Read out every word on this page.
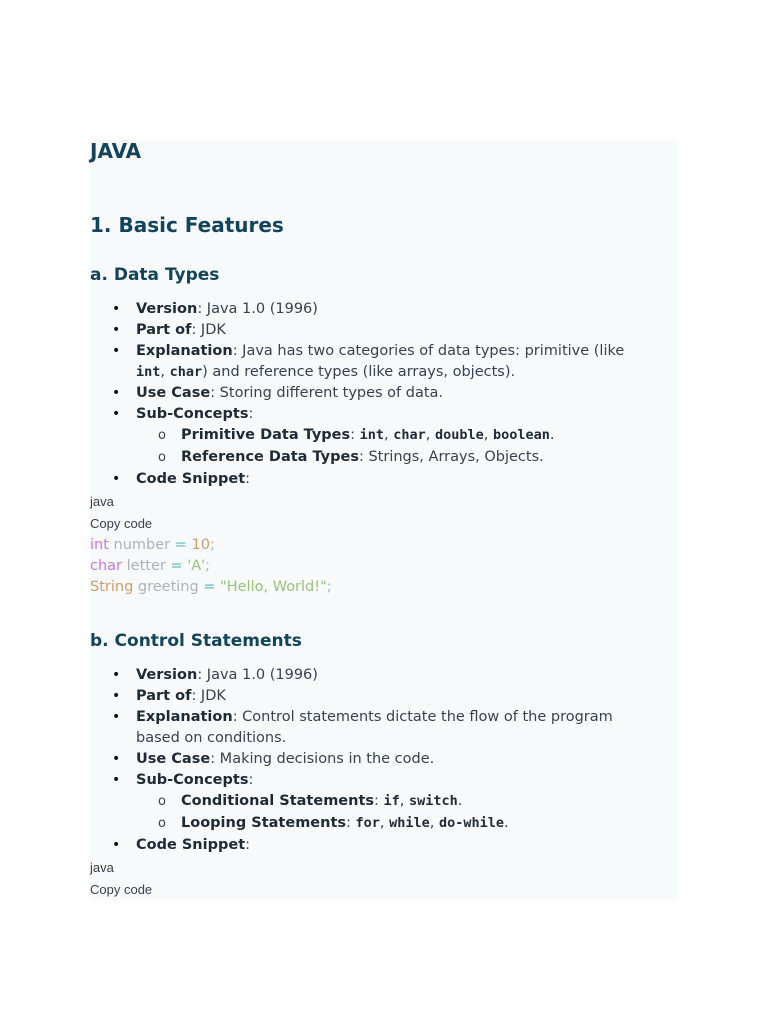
JAVA
1. Basic Features
a. Data Types
• Version: Java 1.0 (1996)
• Part of: JDK
• Explanation: Java has two categories of data types: primitive (like
int, char) and reference types (like arrays, objects).
• Use Case: Storing different types of data.
• Sub-Concepts:
o Primitive Data Types: int, char, double, boolean.
o Reference Data Types: Strings, Arrays, Objects.
• Code Snippet:
java
Copy code
int number = 10;
char letter = 'A';
String greeting = "Hello, World!";
b. Control Statements
• Version: Java 1.0 (1996)
• Part of: JDK
• Explanation: Control statements dictate the flow of the program
based on conditions.
• Use Case: Making decisions in the code.
• Sub-Concepts:
o Conditional Statements: if, switch.
o Looping Statements: for, while, do-while.
• Code Snippet:
java
Copy code
